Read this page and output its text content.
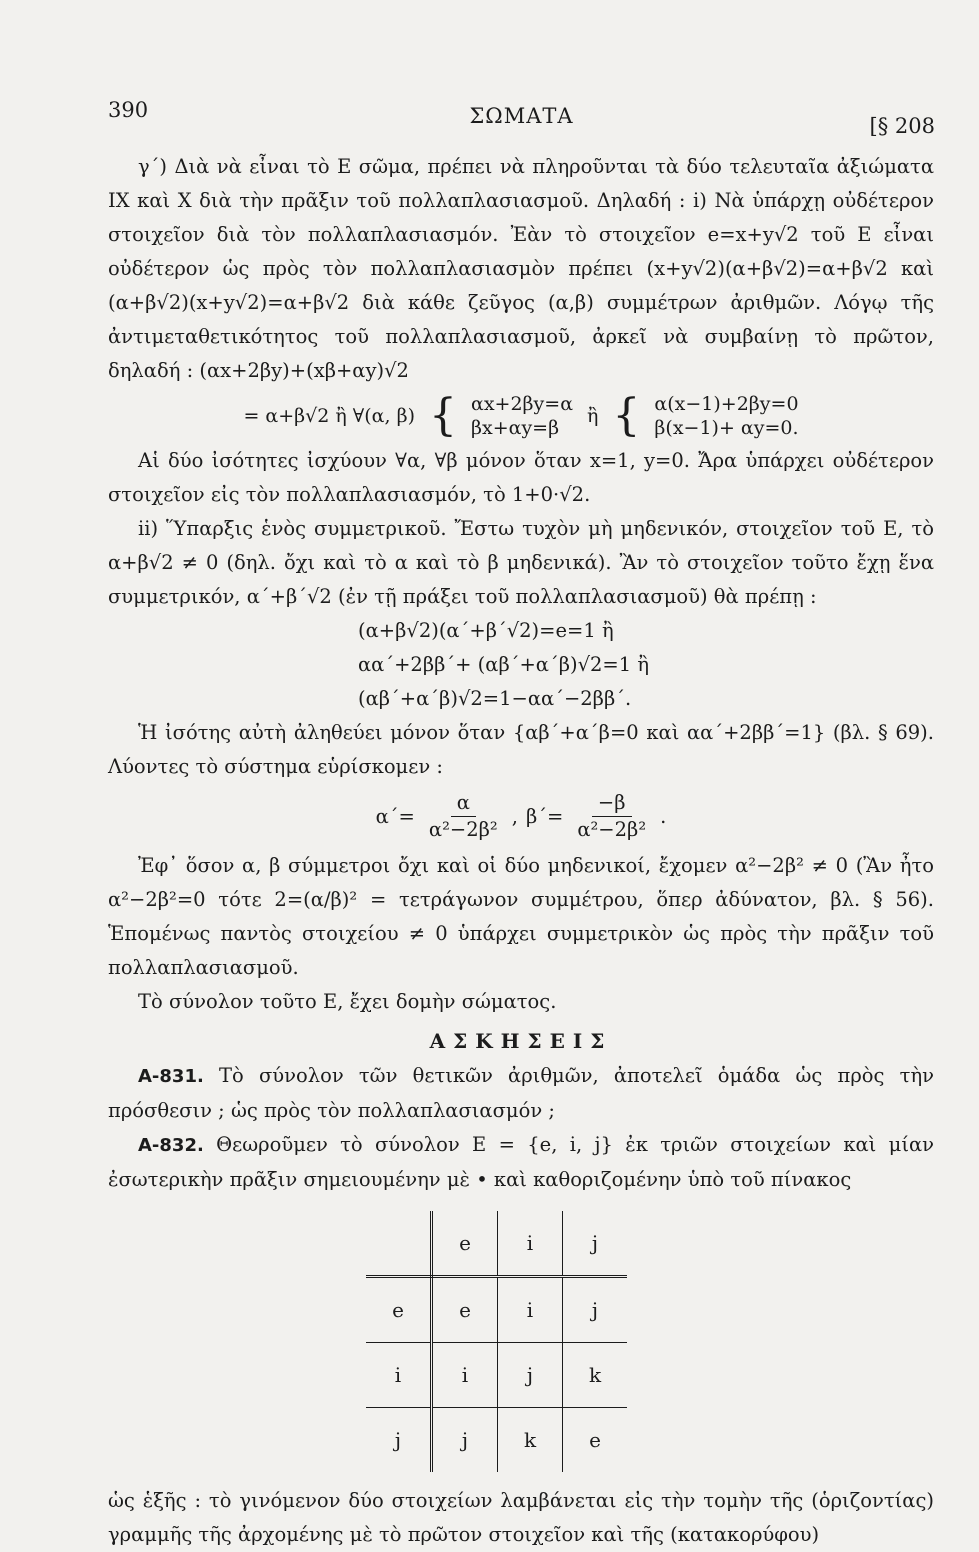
390	ΣΩΜΑΤΑ	[§ 208

γ΄) Διὰ νὰ εἶναι τὸ Ε σῶμα, πρέπει νὰ πληροῦνται τὰ δύο τελευταῖα ἀξιώματα IX καὶ X διὰ τὴν πρᾶξιν τοῦ πολλαπλασιασμοῦ. Δηλαδή : i) Νὰ ὑπάρχῃ οὐδέτερον στοιχεῖον διὰ τὸν πολλαπλασιασμόν. Ἐὰν τὸ στοιχεῖον e=x+y√2 τοῦ Ε εἶναι οὐδέτερον ὡς πρὸς τὸν πολλαπλασιασμὸν πρέπει (x+y√2)(α+β√2)=α+β√2 καὶ (α+β√2)(x+y√2)=α+β√2 διὰ κάθε ζεῦγος (α,β) συμμέτρων ἀριθμῶν. Λόγῳ τῆς ἀντιμεταθετικότητος τοῦ πολλαπλασιασμοῦ, ἀρκεῖ νὰ συμβαίνῃ τὸ πρῶτον, δηλαδή : (αx+2βy)+(xβ+αy)√2

= α+β√2 ἢ ∀(α, β) { αx+2βy=α
βx+αy=β
ἢ { α(x−1)+2βy=0
β(x−1)+ αy=0.

Αἱ δύο ἰσότητες ἰσχύουν ∀α, ∀β μόνον ὅταν x=1, y=0. Ἄρα ὑπάρχει οὐδέτερον στοιχεῖον εἰς τὸν πολλαπλασιασμόν, τὸ 1+0·√2.

ii) Ὕπαρξις ἑνὸς συμμετρικοῦ. Ἔστω τυχὸν μὴ μηδενικόν, στοιχεῖον τοῦ Ε, τὸ α+β√2 ≠ 0 (δηλ. ὄχι καὶ τὸ α καὶ τὸ β μηδενικά). Ἂν τὸ στοιχεῖον τοῦτο ἔχῃ ἕνα συμμετρικόν, α΄+β΄√2 (ἐν τῇ πράξει τοῦ πολλαπλασιασμοῦ) θὰ πρέπῃ :

(α+β√2)(α΄+β΄√2)=e=1 ἢ

αα΄+2ββ΄+ (αβ΄+α΄β)√2=1 ἢ

(αβ΄+α΄β)√2=1−αα΄−2ββ΄.

Ἡ ἰσότης αὐτὴ ἀληθεύει μόνον ὅταν {αβ΄+α΄β=0 καὶ αα΄+2ββ΄=1} (βλ. § 69). Λύοντες τὸ σύστημα εὑρίσκομεν :

$\alpha΄= \frac{\alpha}{\text{α²−2β²}}$ , $\beta΄= \frac{-\beta}{\text{α²−2β²}}$ .

Ἐφ᾽ ὅσον α, β σύμμετροι ὄχι καὶ οἱ δύο μηδενικοί, ἔχομεν α²−2β² ≠ 0 (Ἂν ἦτο α²−2β²=0 τότε 2=(α/β)² = τετράγωνον συμμέτρου, ὅπερ ἀδύνατον, βλ. § 56). Ἑπομένως παντὸς στοιχείου ≠ 0 ὑπάρχει συμμετρικὸν ὡς πρὸς τὴν πρᾶξιν τοῦ πολλαπλασιασμοῦ.

Τὸ σύνολον τοῦτο Ε, ἔχει δομὴν σώματος.

ΑΣΚΗΣΕΙΣ

Α-831. Τὸ σύνολον τῶν θετικῶν ἀριθμῶν, ἀποτελεῖ ὁμάδα ὡς πρὸς τὴν πρόσθεσιν ; ὡς πρὸς τὸν πολλαπλασιασμόν ;

Α-832. Θεωροῦμεν τὸ σύνολον Ε = {e, i, j} ἐκ τριῶν στοιχείων καὶ μίαν ἐσωτερικὴν πρᾶξιν σημειουμένην μὲ • καὶ καθοριζομένην ὑπὸ τοῦ πίνακος

	e	i	j
e	e	i	j
i	i	j	k
j	j	k	e

ὡς ἑξῆς : τὸ γινόμενον δύο στοιχείων λαμβάνεται εἰς τὴν τομὴν τῆς (ὁριζοντίας) γραμμῆς τῆς ἀρχομένης μὲ τὸ πρῶτον στοιχεῖον καὶ τῆς (κατακορύφου)
